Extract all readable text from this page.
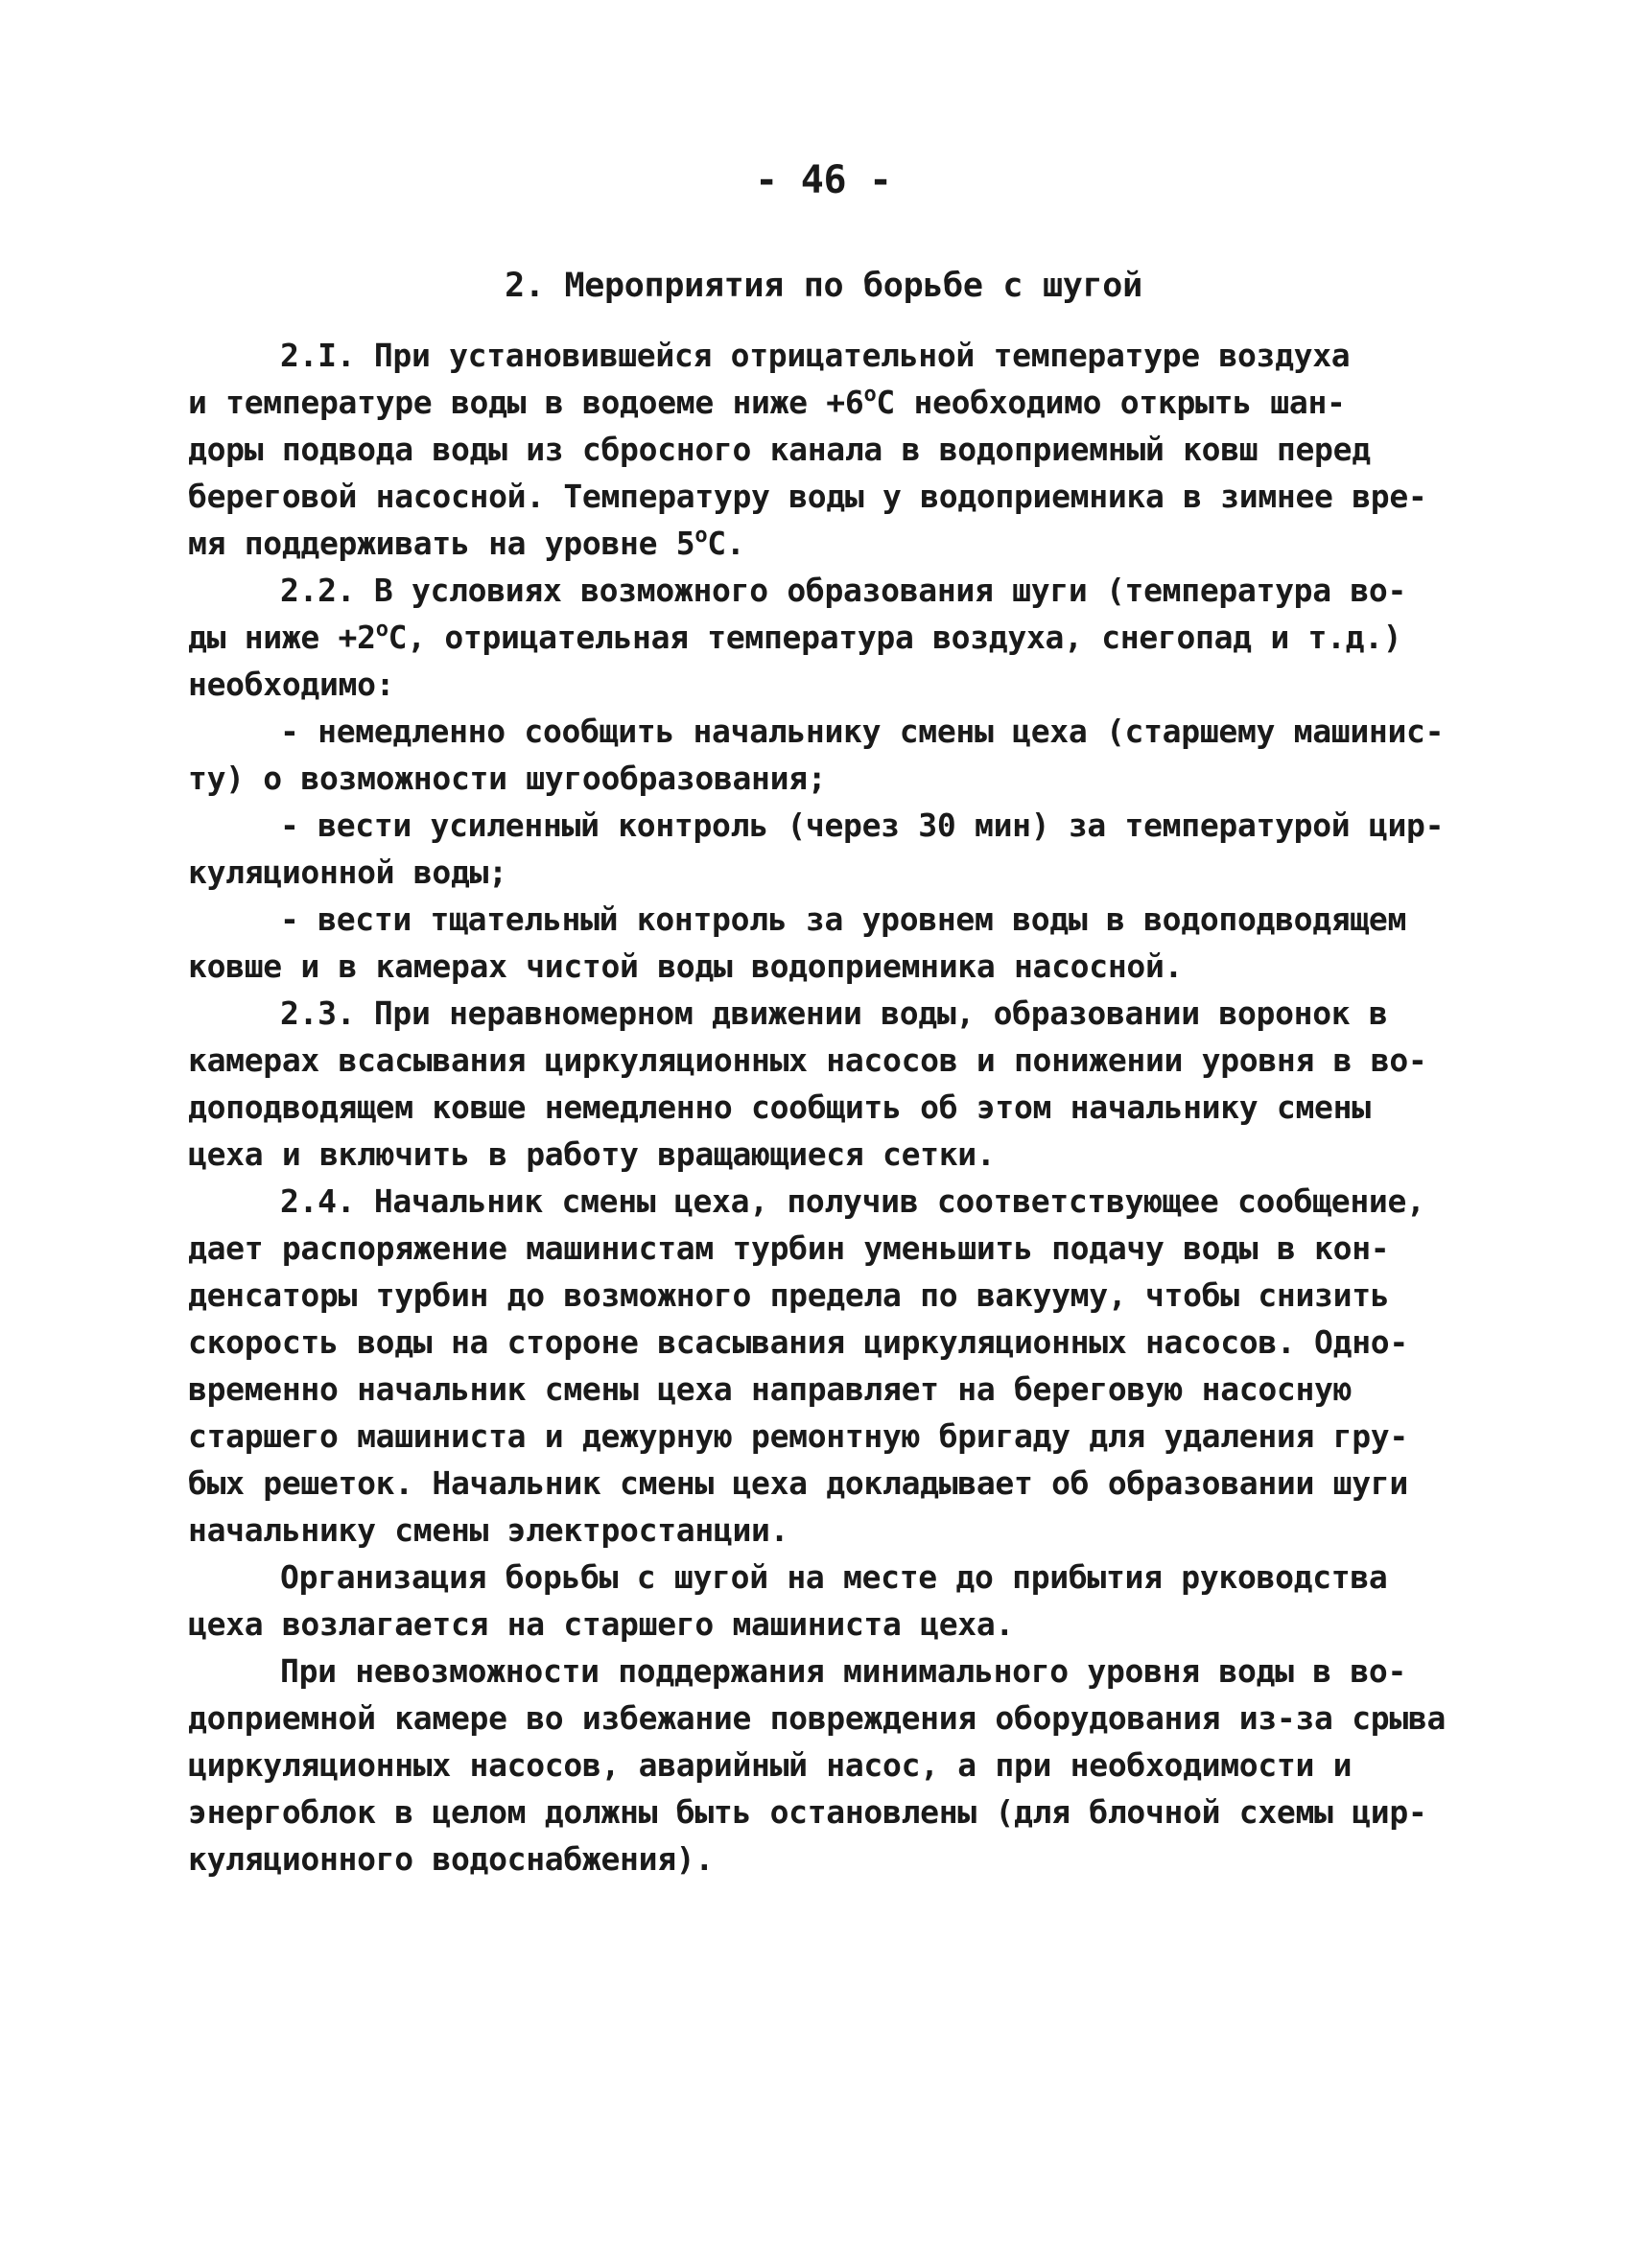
- 46 -
2. Мероприятия по борьбе с шугой
2.I. При установившейся отрицательной температуре воздуха
и температуре воды в водоеме ниже $+6^оС$ необходимо открыть шан-
доры подвода воды из сбросного канала в водоприемный ковш перед
береговой насосной. Температуру воды у водоприемника в зимнее вре-
мя поддерживать на уровне $5^оС$.
2.2. В условиях возможного образования шуги (температура во-
ды ниже $+2^оС$, отрицательная температура воздуха, снегопад и т.д.)
необходимо:
- немедленно сообщить начальнику смены цеха (старшему машинис-
ту) о возможности шугообразования;
- вести усиленный контроль (через 30 мин) за температурой цир-
куляционной воды;
- вести тщательный контроль за уровнем воды в водоподводящем
ковше и в камерах чистой воды водоприемника насосной.
2.3. При неравномерном движении воды, образовании воронок в
камерах всасывания циркуляционных насосов и понижении уровня в во-
доподводящем ковше немедленно сообщить об этом начальнику смены
цеха и включить в работу вращающиеся сетки.
2.4. Начальник смены цеха, получив соответствующее сообщение,
дает распоряжение машинистам турбин уменьшить подачу воды в кон-
денсаторы турбин до возможного предела по вакууму, чтобы снизить
скорость воды на стороне всасывания циркуляционных насосов. Одно-
временно начальник смены цеха направляет на береговую насосную
старшего машиниста и дежурную ремонтную бригаду для удаления гру-
бых решеток. Начальник смены цеха докладывает об образовании шуги
начальнику смены электростанции.
Организация борьбы с шугой на месте до прибытия руководства
цеха возлагается на старшего машиниста цеха.
При невозможности поддержания минимального уровня воды в во-
доприемной камере во избежание повреждения оборудования из-за срыва
циркуляционных насосов, аварийный насос, а при необходимости и
энергоблок в целом должны быть остановлены (для блочной схемы цир-
куляционного водоснабжения).
